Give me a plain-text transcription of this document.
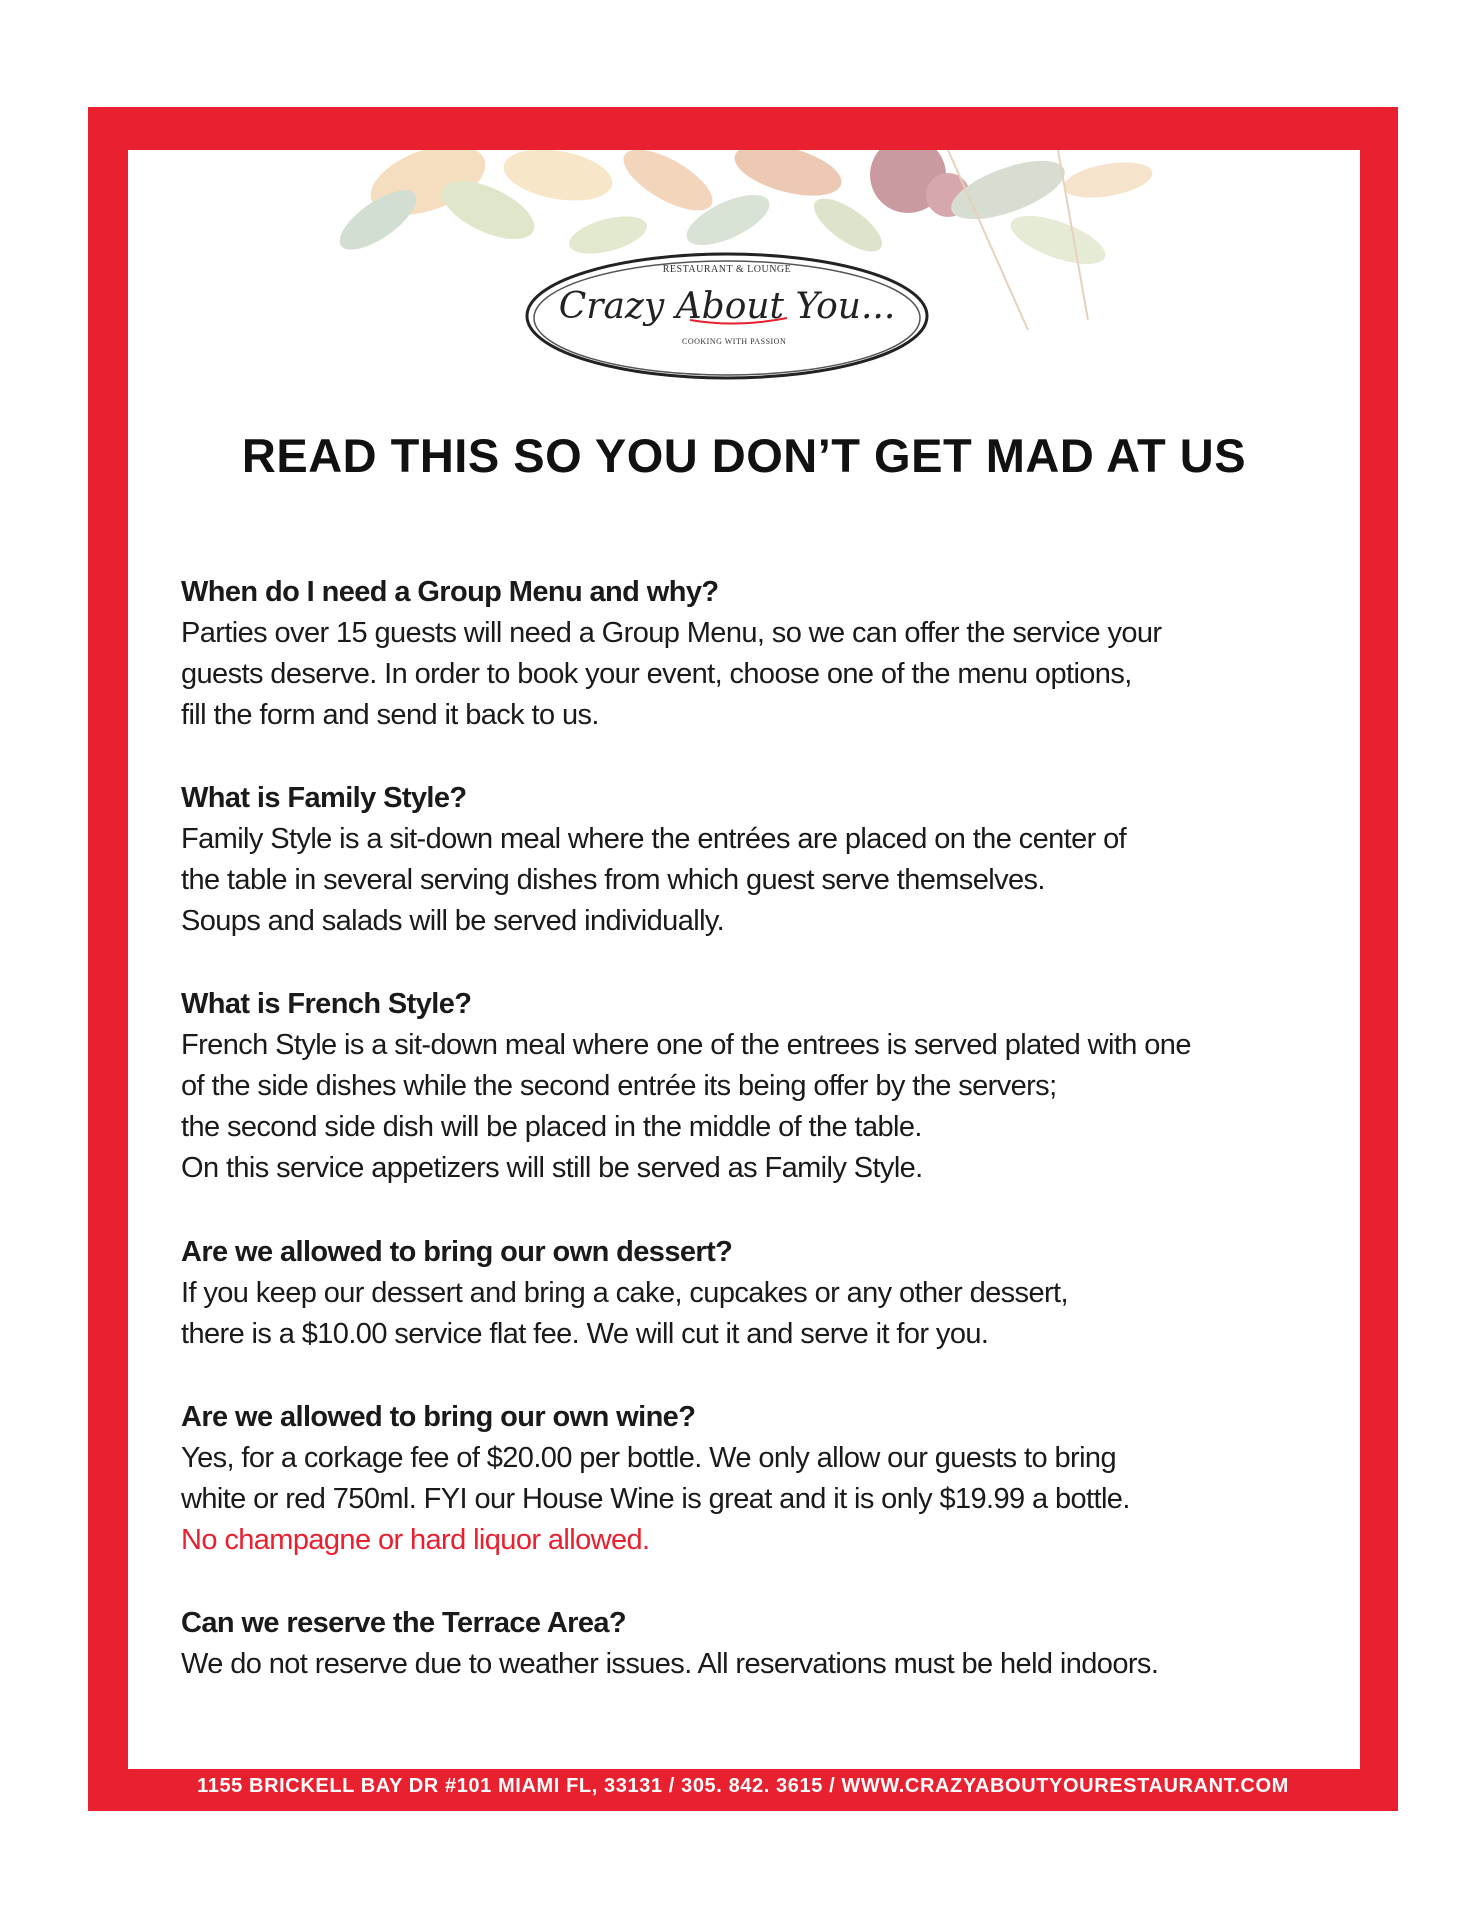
RESTAURANT & LOUNGE
Crazy About You...
COOKING WITH PASSION
READ THIS SO YOU DON’T GET MAD AT US
When do I need a Group Menu and why?
Parties over 15 guests will need a Group Menu, so we can offer the service your
guests deserve. In order to book your event, choose one of the menu options,
fill the form and send it back to us.
What is Family Style?
Family Style is a sit-down meal where the entrées are placed on the center of
the table in several serving dishes from which guest serve themselves.
Soups and salads will be served individually.
What is French Style?
French Style is a sit-down meal where one of the entrees is served plated with one
of the side dishes while the second entrée its being offer by the servers;
the second side dish will be placed in the middle of the table.
On this service appetizers will still be served as Family Style.
Are we allowed to bring our own dessert?
If you keep our dessert and bring a cake, cupcakes or any other dessert,
there is a $10.00 service flat fee. We will cut it and serve it for you.
Are we allowed to bring our own wine?
Yes, for a corkage fee of $20.00 per bottle. We only allow our guests to bring
white or red 750ml. FYI our House Wine is great and it is only $19.99 a bottle.
No champagne or hard liquor allowed.
Can we reserve the Terrace Area?
We do not reserve due to weather issues. All reservations must be held indoors.
1155 BRICKELL BAY DR #101 MIAMI FL, 33131 / 305. 842. 3615 / WWW.CRAZYABOUTYOURESTAURANT.COM
